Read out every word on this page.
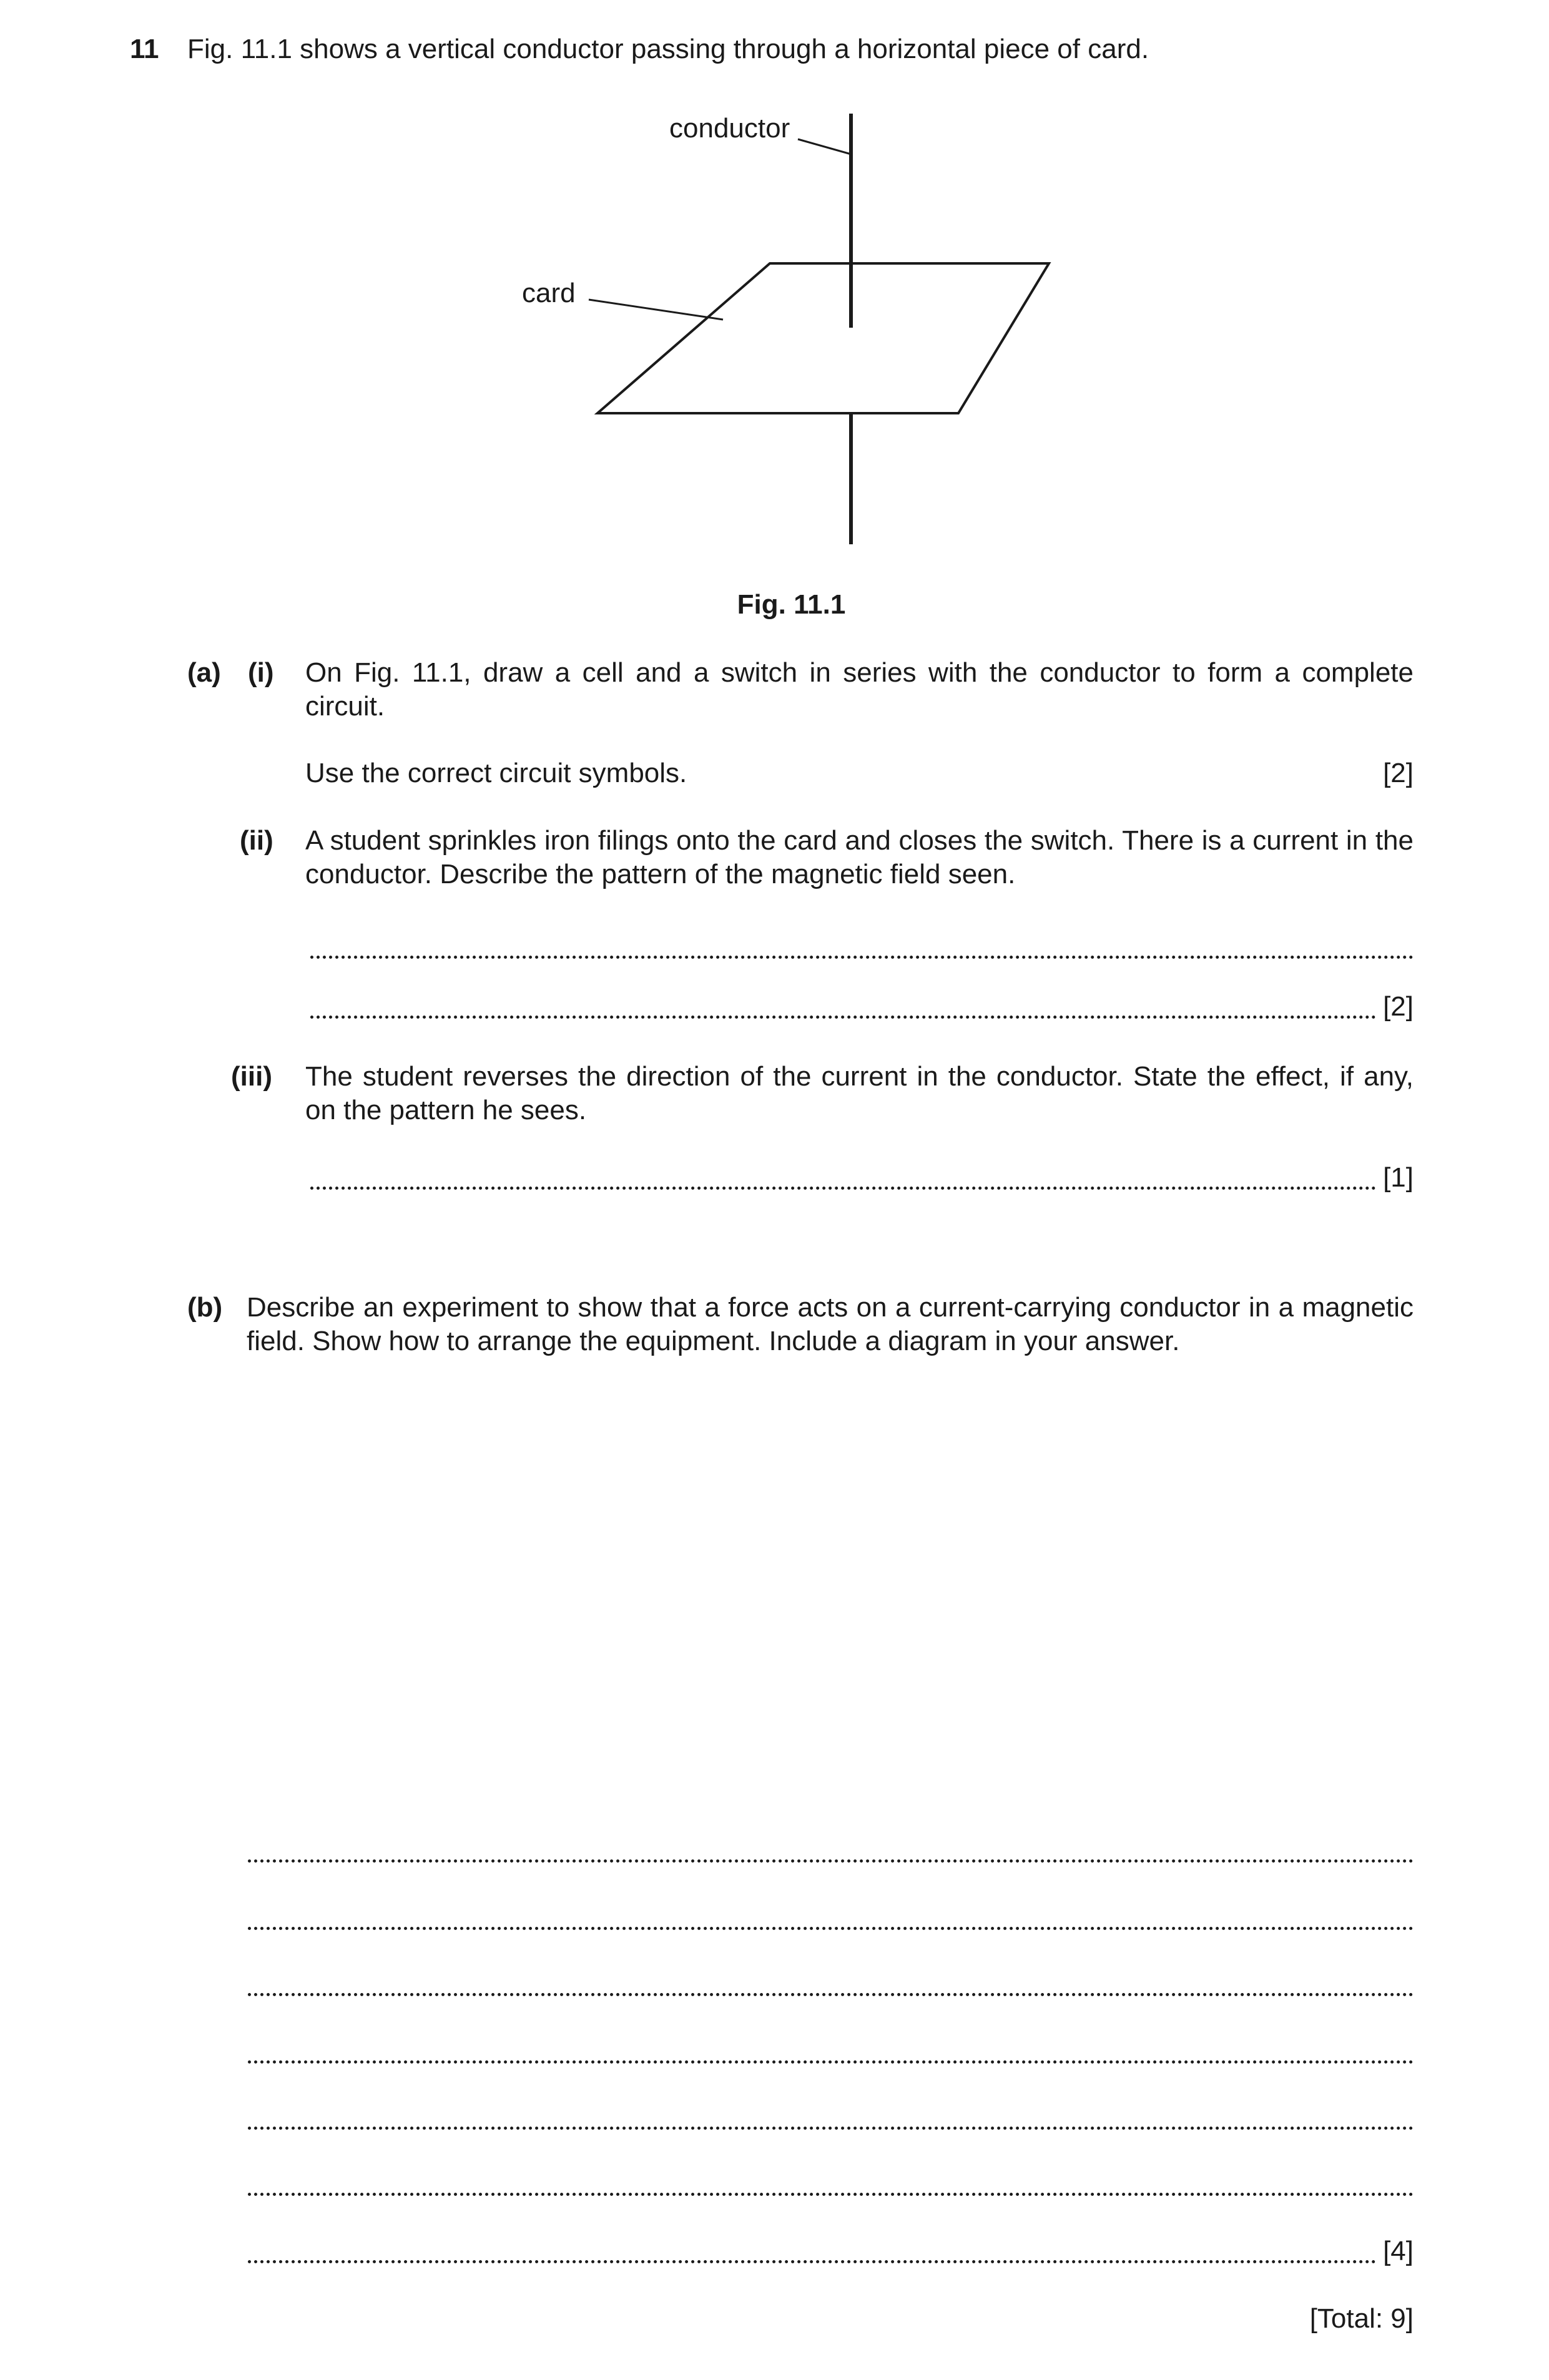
11 Fig. 11.1 shows a vertical conductor passing through a horizontal piece of card.
conductor
card
Fig. 11.1
(a) (i) On Fig. 11.1, draw a cell and a switch in series with the conductor to form a complete circuit.
Use the correct circuit symbols.	[2]
(ii) A student sprinkles iron filings onto the card and closes the switch. There is a current in the conductor. Describe the pattern of the magnetic field seen.
[2]
(iii) The student reverses the direction of the current in the conductor. State the effect, if any, on the pattern he sees.
[1]
(b) Describe an experiment to show that a force acts on a current-carrying conductor in a magnetic field. Show how to arrange the equipment. Include a diagram in your answer.
[4]
[Total: 9]
